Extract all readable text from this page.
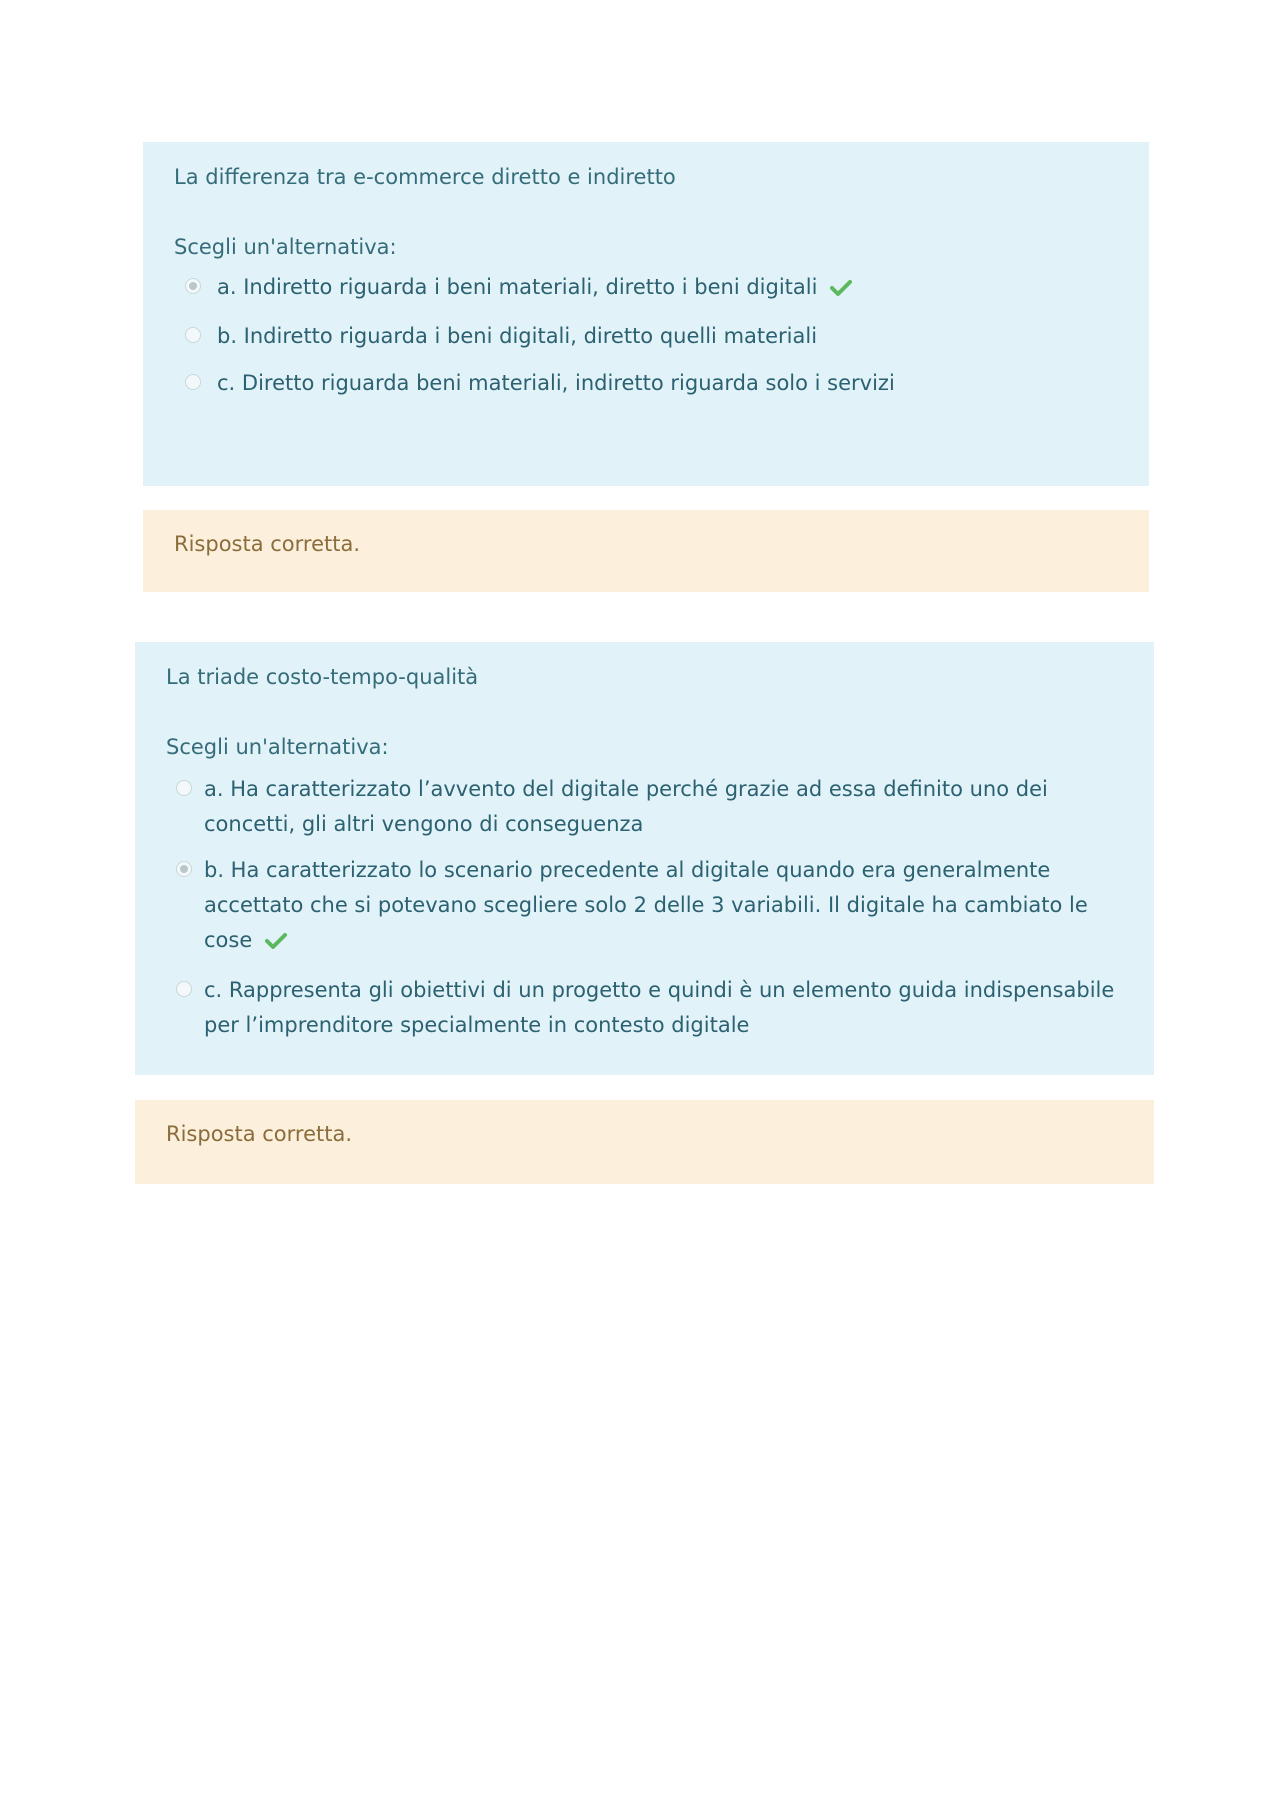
La differenza tra e-commerce diretto e indiretto
Scegli un'alternativa:
a. Indiretto riguarda i beni materiali, diretto i beni digitali
b. Indiretto riguarda i beni digitali, diretto quelli materiali
c. Diretto riguarda beni materiali, indiretto riguarda solo i servizi
Risposta corretta.
La triade costo-tempo-qualità
Scegli un'alternativa:
a. Ha caratterizzato l’avvento del digitale perché grazie ad essa definito uno dei concetti, gli altri vengono di conseguenza
b. Ha caratterizzato lo scenario precedente al digitale quando era generalmente accettato che si potevano scegliere solo 2 delle 3 variabili. Il digitale ha cambiato le cose
c. Rappresenta gli obiettivi di un progetto e quindi è un elemento guida indispensabile per l’imprenditore specialmente in contesto digitale
Risposta corretta.
